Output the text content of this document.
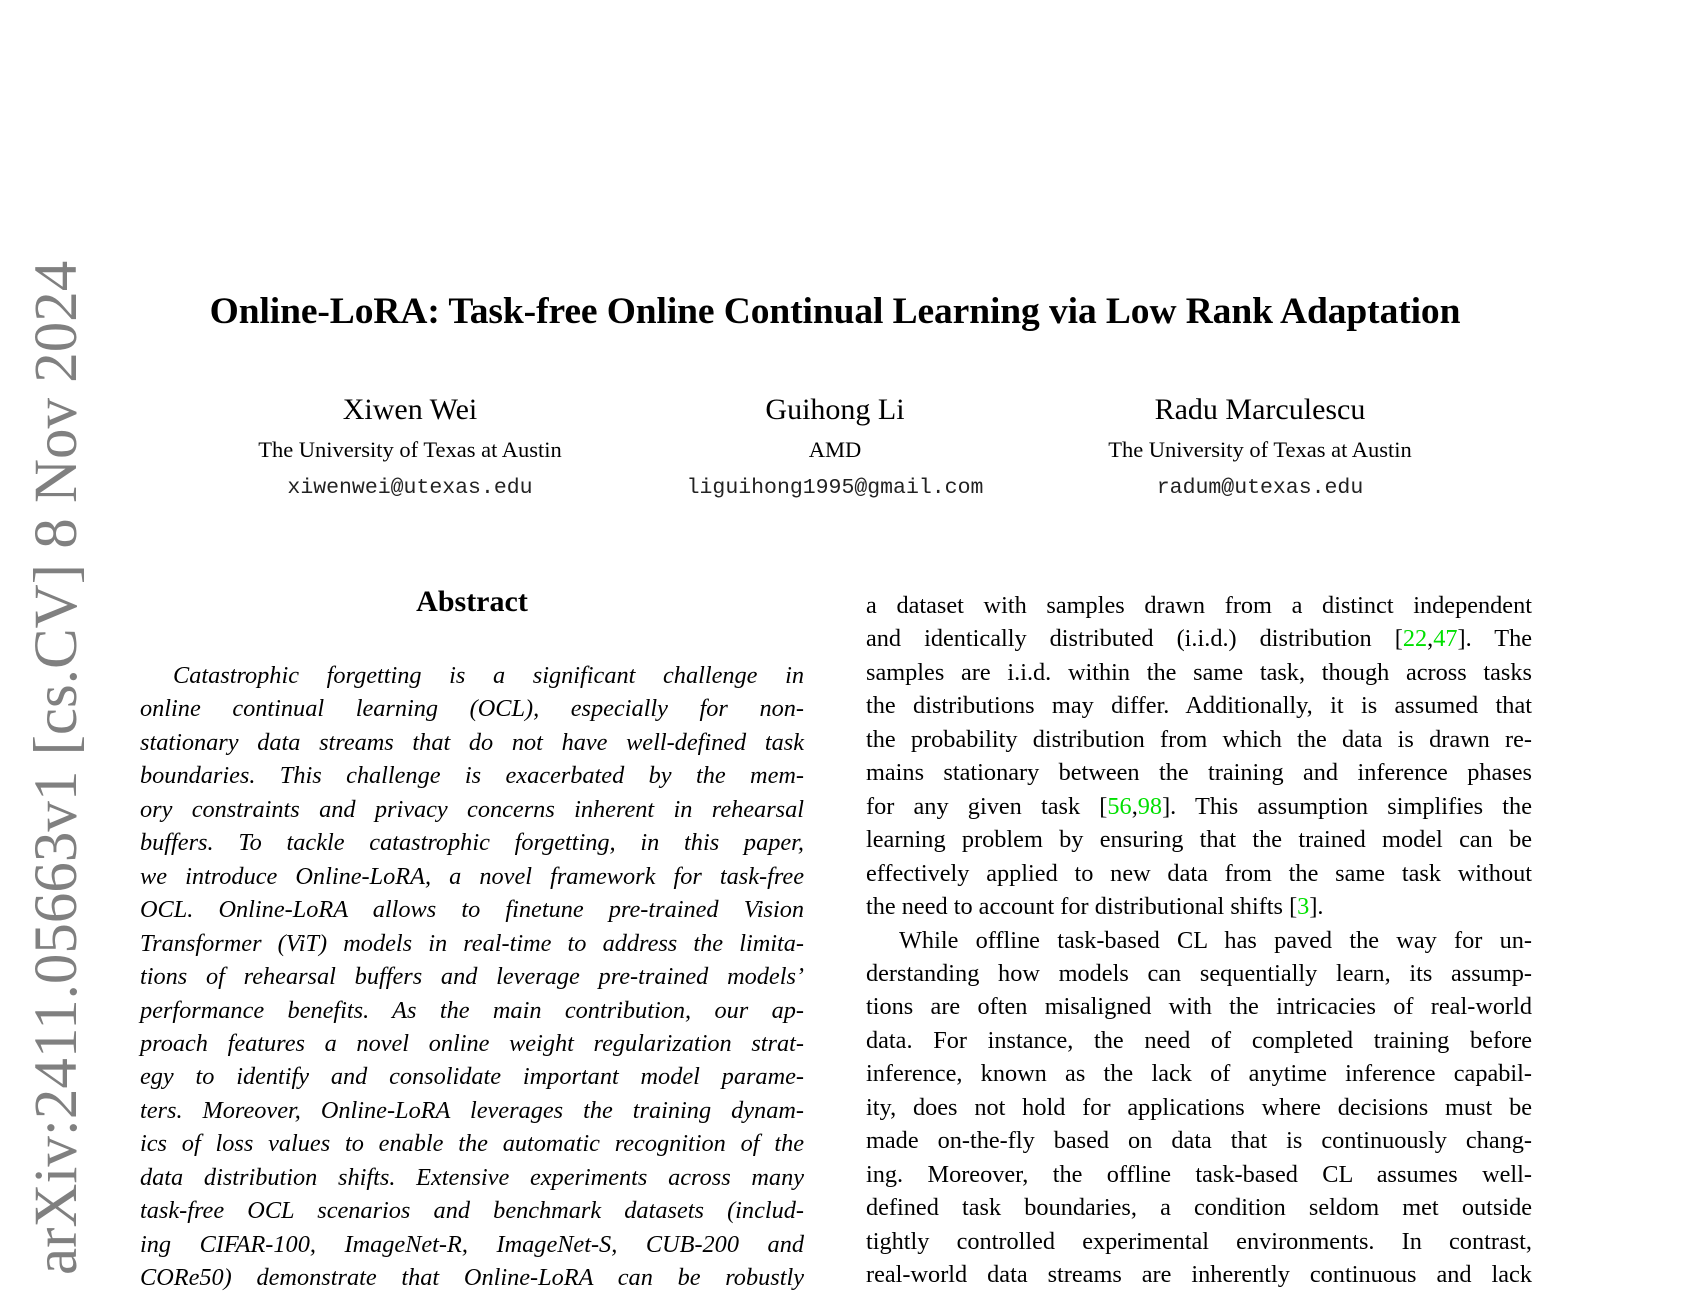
arXiv:2411.05663v1 [cs.CV] 8 Nov 2024	Online-LoRA: Task-free Online Continual Learning via Low Rank Adaptation
Xiwen Wei
The University of Texas at Austin
xiwenwei@utexas.edu
Guihong Li
AMD
liguihong1995@gmail.com
Radu Marculescu
The University of Texas at Austin
radum@utexas.edu
Abstract
Catastrophic forgetting is a significant challenge in
online continual learning (OCL), especially for non-
stationary data streams that do not have well-defined task
boundaries. This challenge is exacerbated by the mem-
ory constraints and privacy concerns inherent in rehearsal
buffers. To tackle catastrophic forgetting, in this paper,
we introduce Online-LoRA, a novel framework for task-free
OCL. Online-LoRA allows to finetune pre-trained Vision
Transformer (ViT) models in real-time to address the limita-
tions of rehearsal buffers and leverage pre-trained models’
performance benefits. As the main contribution, our ap-
proach features a novel online weight regularization strat-
egy to identify and consolidate important model parame-
ters. Moreover, Online-LoRA leverages the training dynam-
ics of loss values to enable the automatic recognition of the
data distribution shifts. Extensive experiments across many
task-free OCL scenarios and benchmark datasets (includ-
ing CIFAR-100, ImageNet-R, ImageNet-S, CUB-200 and
CORe50) demonstrate that Online-LoRA can be robustly
a dataset with samples drawn from a distinct independent
and identically distributed (i.i.d.) distribution [22,47]. The
samples are i.i.d. within the same task, though across tasks
the distributions may differ. Additionally, it is assumed that
the probability distribution from which the data is drawn re-
mains stationary between the training and inference phases
for any given task [56,98]. This assumption simplifies the
learning problem by ensuring that the trained model can be
effectively applied to new data from the same task without
the need to account for distributional shifts [3].
While offline task-based CL has paved the way for un-
derstanding how models can sequentially learn, its assump-
tions are often misaligned with the intricacies of real-world
data. For instance, the need of completed training before
inference, known as the lack of anytime inference capabil-
ity, does not hold for applications where decisions must be
made on-the-fly based on data that is continuously chang-
ing. Moreover, the offline task-based CL assumes well-
defined task boundaries, a condition seldom met outside
tightly controlled experimental environments. In contrast,
real-world data streams are inherently continuous and lack
